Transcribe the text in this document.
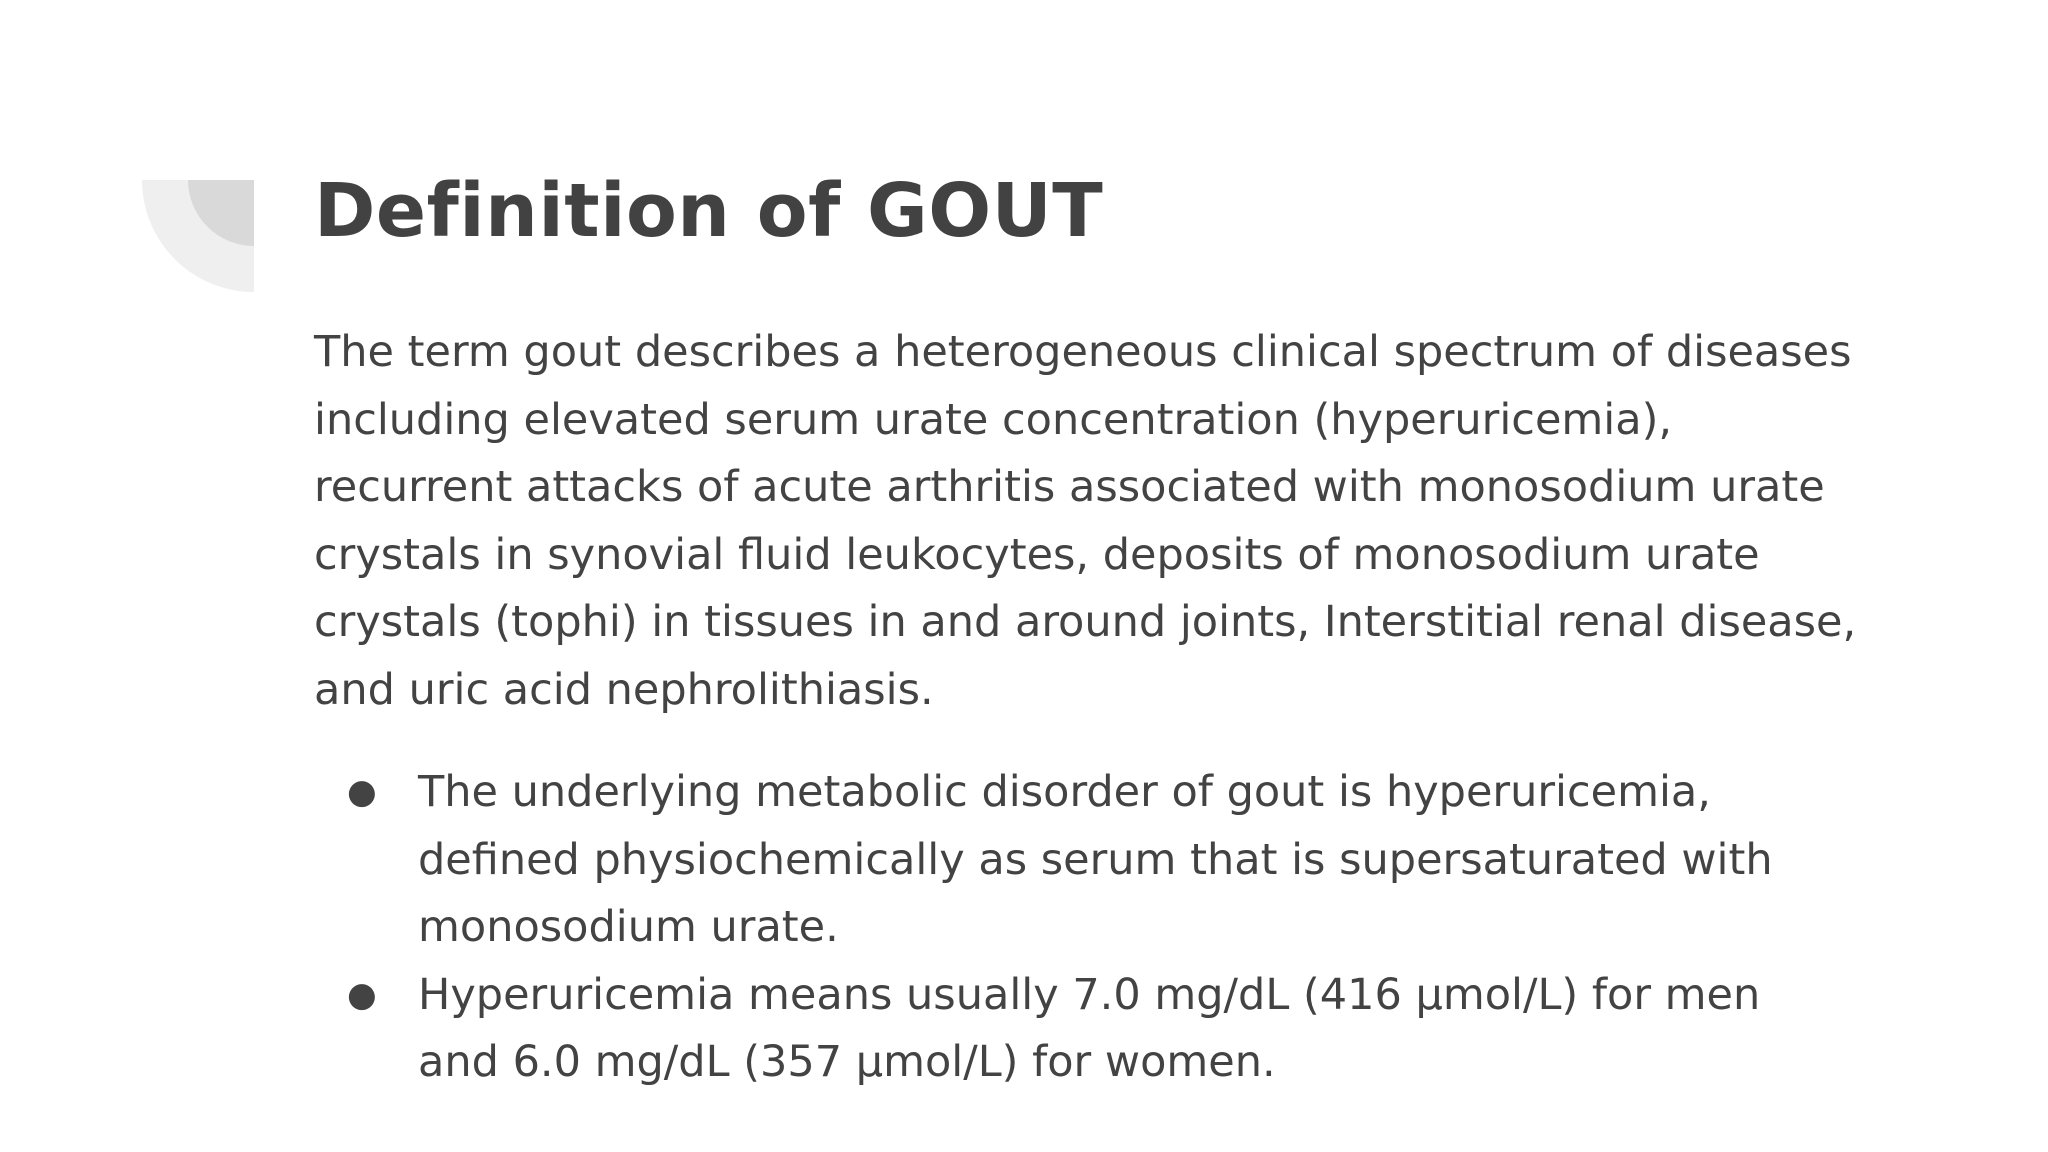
Definition of GOUT

The term gout describes a heterogeneous clinical spectrum of diseases
including elevated serum urate concentration (hyperuricemia),
recurrent attacks of acute arthritis associated with monosodium urate
crystals in synovial fluid leukocytes, deposits of monosodium urate
crystals (tophi) in tissues in and around joints, Interstitial renal disease,
and uric acid nephrolithiasis.

● The underlying metabolic disorder of gout is hyperuricemia,
defined physiochemically as serum that is supersaturated with
monosodium urate.
● Hyperuricemia means usually 7.0 mg/dL (416 µmol/L) for men
and 6.0 mg/dL (357 µmol/L) for women.
